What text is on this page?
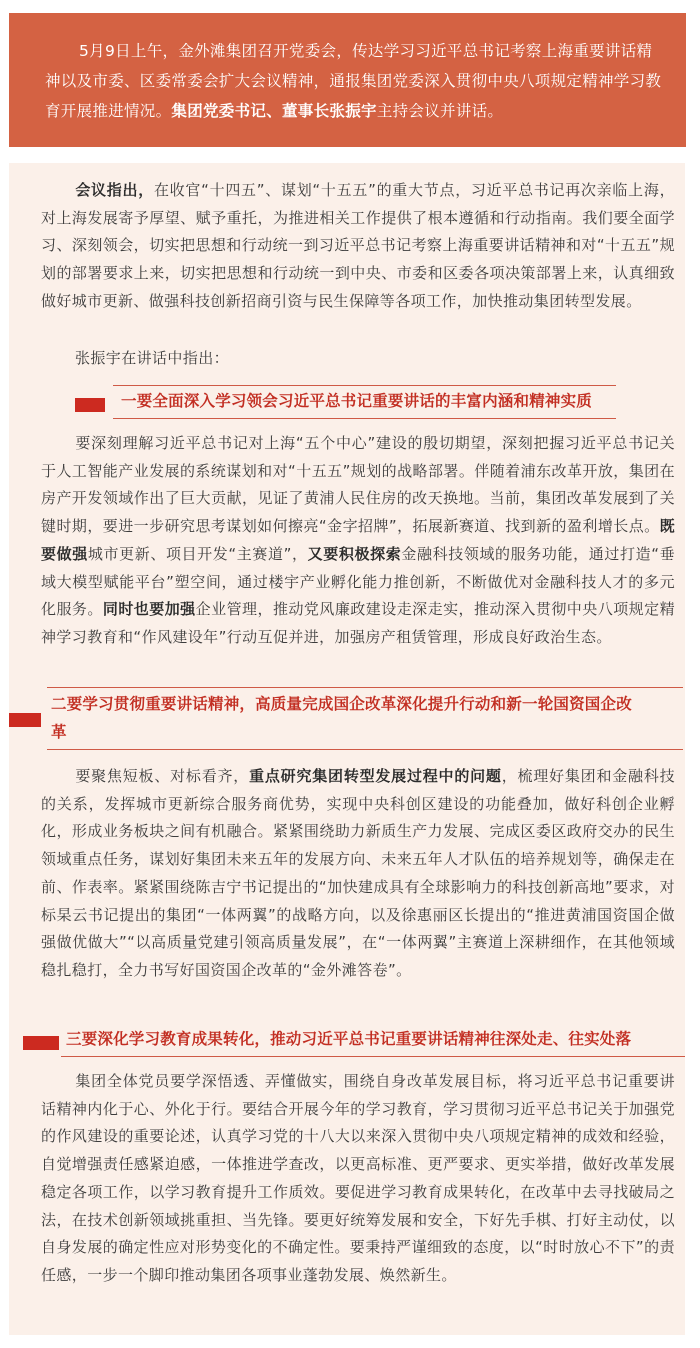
5月9日上午，金外滩集团召开党委会，传达学习习近平总书记考察上海重要讲话精神以及市委、区委常委会扩大会议精神，通报集团党委深入贯彻中央八项规定精神学习教育开展推进情况。集团党委书记、董事长张振宇主持会议并讲话。
会议指出，在收官“十四五”、谋划“十五五”的重大节点，习近平总书记再次亲临上海，对上海发展寄予厚望、赋予重托，为推进相关工作提供了根本遵循和行动指南。我们要全面学习、深刻领会，切实把思想和行动统一到习近平总书记考察上海重要讲话精神和对“十五五”规划的部署要求上来，切实把思想和行动统一到中央、市委和区委各项决策部署上来，认真细致做好城市更新、做强科技创新招商引资与民生保障等各项工作，加快推动集团转型发展。
张振宇在讲话中指出：
一要全面深入学习领会习近平总书记重要讲话的丰富内涵和精神实质
要深刻理解习近平总书记对上海“五个中心”建设的殷切期望，深刻把握习近平总书记关于人工智能产业发展的系统谋划和对“十五五”规划的战略部署。伴随着浦东改革开放，集团在房产开发领域作出了巨大贡献，见证了黄浦人民住房的改天换地。当前，集团改革发展到了关键时期，要进一步研究思考谋划如何擦亮“金字招牌”，拓展新赛道、找到新的盈利增长点。既要做强城市更新、项目开发“主赛道”，又要积极探索金融科技领域的服务功能，通过打造“垂域大模型赋能平台”塑空间，通过楼宇产业孵化能力推创新，不断做优对金融科技人才的多元化服务。同时也要加强企业管理，推动党风廉政建设走深走实，推动深入贯彻中央八项规定精神学习教育和“作风建设年”行动互促并进，加强房产租赁管理，形成良好政治生态。
二要学习贯彻重要讲话精神，高质量完成国企改革深化提升行动和新一轮国资国企改
革
要聚焦短板、对标看齐，重点研究集团转型发展过程中的问题，梳理好集团和金融科技的关系，发挥城市更新综合服务商优势，实现中央科创区建设的功能叠加，做好科创企业孵化，形成业务板块之间有机融合。紧紧围绕助力新质生产力发展、完成区委区政府交办的民生领域重点任务，谋划好集团未来五年的发展方向、未来五年人才队伍的培养规划等，确保走在前、作表率。紧紧围绕陈吉宁书记提出的“加快建成具有全球影响力的科技创新高地”要求，对标杲云书记提出的集团“一体两翼”的战略方向，以及徐惠丽区长提出的“推进黄浦国资国企做强做优做大”“以高质量党建引领高质量发展”，在“一体两翼”主赛道上深耕细作，在其他领域稳扎稳打，全力书写好国资国企改革的“金外滩答卷”。
三要深化学习教育成果转化，推动习近平总书记重要讲话精神往深处走、往实处落
集团全体党员要学深悟透、弄懂做实，围绕自身改革发展目标，将习近平总书记重要讲话精神内化于心、外化于行。要结合开展今年的学习教育，学习贯彻习近平总书记关于加强党的作风建设的重要论述，认真学习党的十八大以来深入贯彻中央八项规定精神的成效和经验，自觉增强责任感紧迫感，一体推进学查改，以更高标准、更严要求、更实举措，做好改革发展稳定各项工作，以学习教育提升工作质效。要促进学习教育成果转化，在改革中去寻找破局之法，在技术创新领域挑重担、当先锋。要更好统筹发展和安全，下好先手棋、打好主动仗，以自身发展的确定性应对形势变化的不确定性。要秉持严谨细致的态度，以“时时放心不下”的责任感，一步一个脚印推动集团各项事业蓬勃发展、焕然新生。
